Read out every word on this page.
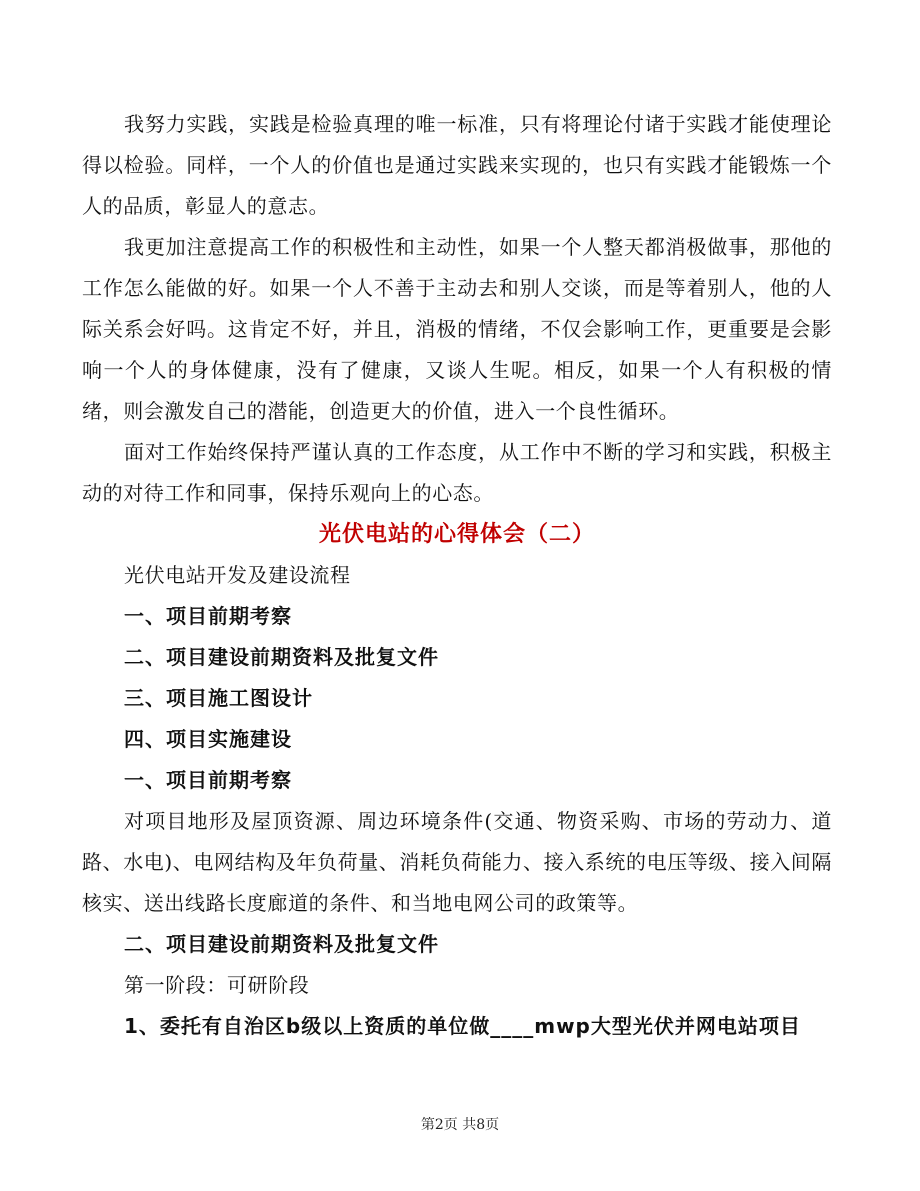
我努力实践，实践是检验真理的唯一标准，只有将理论付诸于实践才能使理论得以检验。同样，一个人的价值也是通过实践来实现的，也只有实践才能锻炼一个人的品质，彰显人的意志。

我更加注意提高工作的积极性和主动性，如果一个人整天都消极做事，那他的工作怎么能做的好。如果一个人不善于主动去和别人交谈，而是等着别人，他的人际关系会好吗。这肯定不好，并且，消极的情绪，不仅会影响工作，更重要是会影响一个人的身体健康，没有了健康，又谈人生呢。相反，如果一个人有积极的情绪，则会激发自己的潜能，创造更大的价值，进入一个良性循环。

面对工作始终保持严谨认真的工作态度，从工作中不断的学习和实践，积极主动的对待工作和同事，保持乐观向上的心态。

光伏电站的心得体会（二）

光伏电站开发及建设流程

一、项目前期考察

二、项目建设前期资料及批复文件

三、项目施工图设计

四、项目实施建设

一、项目前期考察

对项目地形及屋顶资源、周边环境条件(交通、物资采购、市场的劳动力、道路、水电)、电网结构及年负荷量、消耗负荷能力、接入系统的电压等级、接入间隔核实、送出线路长度廊道的条件、和当地电网公司的政策等。

二、项目建设前期资料及批复文件

第一阶段：可研阶段

1、委托有自治区b级以上资质的单位做____mwp大型光伏并网电站项目

第2页 共8页
